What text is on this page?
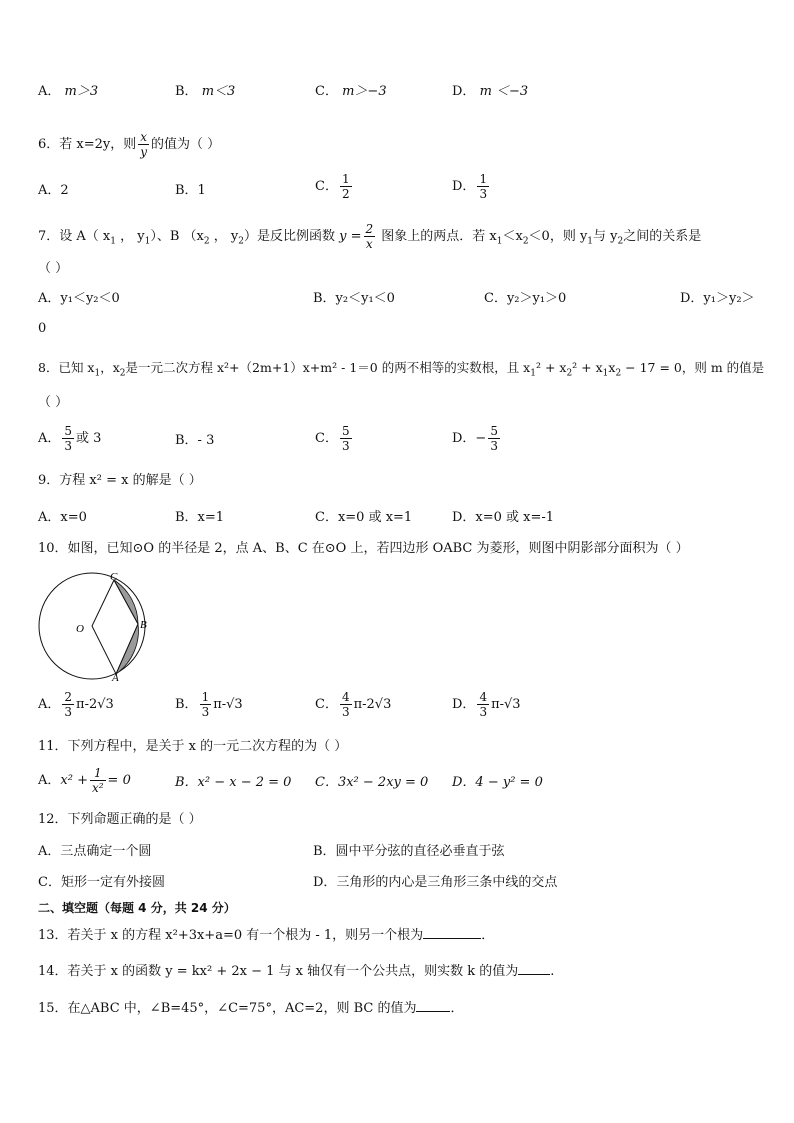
A． m＞3	B． m＜3	C． m＞−3	D． m ＜−3
6．若 x=2y，则 $\frac{x}{y}$ 的值为（ ）
A．2	B．1	C． $\frac{1}{2}$	D． $\frac{1}{3}$
7．设 A（ $x_1$ ， $y_1$）、B （$x_2$ ， $y_2$）是反比例函数 $y = \frac{2}{x}$ 图象上的两点．若 $x_1<x_2<0$，则 $y_1$与 $y_2$之间的关系是
（ ）
A．y₁＜y₂＜0	B．y₂＜y₁＜0	C．y₂＞y₁＞0	D．y₁＞y₂＞
0
8．已知 $x_1$，$x_2$是一元二次方程 x²+（2m+1）x+m² - 1＝0 的两不相等的实数根，且 $x_1^2 + x_2^2 + x_1x_2 - 17 = 0$，则 m 的值是
（ ）
A． $\frac{5}{3}$ 或 3	B．- 3	C． $\frac{5}{3}$	D．− $\frac{5}{3}$
9．方程 x² = x 的解是（ ）
A．x=0	B．x=1	C．x=0 或 x=1	D．x=0 或 x=-1
10．如图，已知⊙O 的半径是 2，点 A、B、C 在⊙O 上，若四边形 OABC 为菱形，则图中阴影部分面积为（ ）
C
O	B
A
A． $\frac{2}{3} \pi-2√3$	B． $\frac{1}{3} \pi-√3$	C． $\frac{4}{3} \pi-2√3$	D． $\frac{4}{3} \pi-√3$
11．下列方程中，是关于 x 的一元二次方程的为（ ）
A．$x^2 + \frac{1}{\text{x²}} = 0$	B．x² − x − 2 = 0 C．3x² − 2xy = 0 D．4 − y² = 0
12．下列命题正确的是（ ）
A．三点确定一个圆	B．圆中平分弦的直径必垂直于弦
C．矩形一定有外接圆	D．三角形的内心是三角形三条中线的交点
二、填空题（每题 4 分，共 24 分）
13．若关于 x 的方程 x²+3x+a=0 有一个根为 - 1，则另一个根为	．
14．若关于 x 的函数 y = kx² + 2x − 1 与 x 轴仅有一个公共点，则实数 k 的值为 .
15．在△ABC 中，∠B=45°，∠C=75°，AC=2，则 BC 的值为	．
